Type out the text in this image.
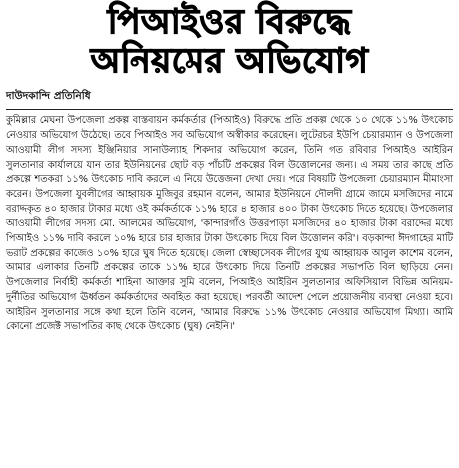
পিআইওর বিরুদ্ধে
অনিয়মের অভিযোগ
দাউদকান্দি প্রতিনিধি

কুমিল্লার মেঘনা উপজেলা প্রকল্প বাস্তবায়ন কর্মকর্তার (পিআইও) বিরুদ্ধে প্রতি প্রকল্প থেকে ১০ থেকে ১১% উৎকোচ নেওয়ার অভিযোগ উঠেছে। তবে পিআইও সব অভিযোগ অস্বীকার করেছেন। লুটেরচর ইউপি চেয়ারম্যান ও উপজেলা আওয়ামী লীগ সদস্য ইঞ্জিনিয়ার সানাউল্যাহ শিকদার অভিযোগ করেন, তিনি গত রবিবার পিআইও আইরিন সুলতানার কার্যালয়ে যান তার ইউনিয়নের ছোট বড় পাঁচটি প্রকল্পের বিল উত্তোলনের জন্য। এ সময় তার কাছে প্রতি প্রকল্পে শতকরা ১১% উৎকোচ দাবি করলে এ নিয়ে উত্তেজনা দেখা দেয়। পরে বিষয়টি উপজেলা চেয়ারম্যান মীমাংসা করেন। উপজেলা যুবলীগের আহ্বায়ক মুজিবুর রহমান বলেন, আমার ইউনিয়নে দৌলদী গ্রামে জামে মসজিদের নামে বরাদ্দকৃত ৪০ হাজার টাকার মধ্যে ওই কর্মকর্তাকে ১১% হারে ৪ হাজার ৪০০ টাকা উৎকোচ দিতে হয়েছে। উপজেলার আওয়ামী লীগের সদস্য মো. আলমের অভিযোগ, 'কান্দারগাঁও উত্তরপাড়া মসজিদের ৪০ হাজার টাকা বরাদ্দের মধ্যে পিআইও ১১% দাবি করলে ১০% হারে চার হাজার টাকা উৎকোচ দিয়ে বিল উত্তোলন করি'। বড়কান্দা ঈদগাহের মাটি ভরাট প্রকল্পের কাজেও ১০% হারে ঘুষ দিতে হয়েছে। জেলা স্বেচ্ছাসেবক লীগের যুগ্ম আহ্বায়ক আবুল কাশেম বলেন, আমার এলাকার তিনটি প্রকল্পের তাকে ১১% হারে উৎকোচ দিয়ে তিনটি প্রকল্পের সভাপতি বিল ছাড়িয়ে নেন। উপজেলার নির্বাহী কর্মকর্তা শাহিনা আক্তার সুমি বলেন, পিআইও আইরিন সুলতানার অফিসিয়াল বিভিন্ন অনিয়ম-দুর্নীতির অভিযোগ ঊর্ধ্বতন কর্মকর্তাদের অবহিত করা হয়েছে। পরবর্তী আদেশ পেলে প্রয়োজনীয় ব্যবস্থা নেওয়া হবে। আইরিন সুলতানার সঙ্গে কথা হলে তিনি বলেন, 'আমার বিরুদ্ধে ১১% উৎকোচ নেওয়ার অভিযোগ মিথ্যা। আমি কোনো প্রজেক্ট সভাপতির কাছ থেকে উৎকোচ (ঘুষ) নেইনি।'
